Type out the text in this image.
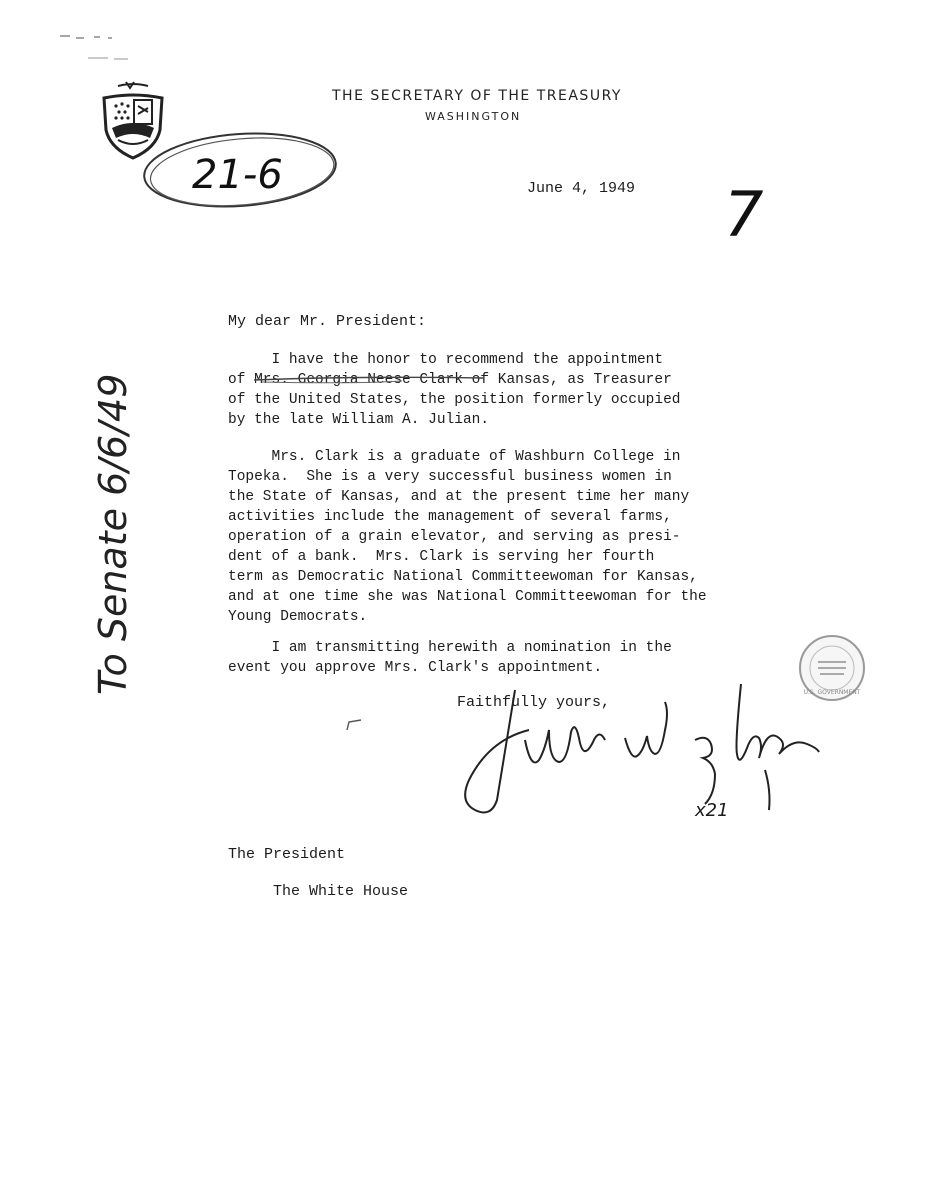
THE SECRETARY OF THE TREASURY
WASHINGTON
21-6
7
To Senate 6/6/49
June 4, 1949
My dear Mr. President:
I have the honor to recommend the appointment
of Mrs. Georgia Neese Clark of Kansas, as Treasurer
of the United States, the position formerly occupied
by the late William A. Julian.
Mrs. Clark is a graduate of Washburn College in
Topeka.  She is a very successful business women in
the State of Kansas, and at the present time her many
activities include the management of several farms,
operation of a grain elevator, and serving as presi-
dent of a bank.  Mrs. Clark is serving her fourth
term as Democratic National Committeewoman for Kansas,
and at one time she was National Committeewoman for the
Young Democrats.
I am transmitting herewith a nomination in the
event you approve Mrs. Clark's appointment.
Faithfully yours,
x21
U.S. GOVERNMENT
The President
The White House
